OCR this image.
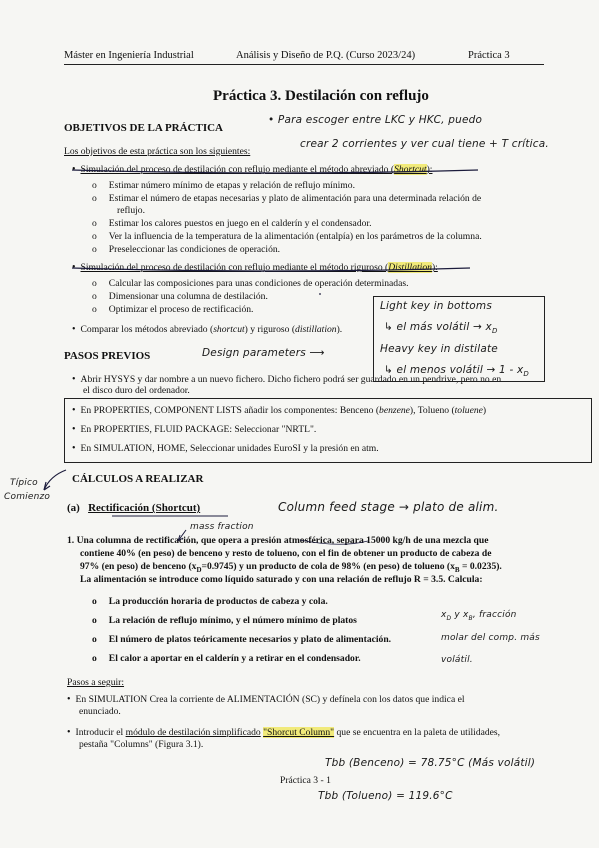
Máster en Ingeniería Industrial	Análisis y Diseño de P.Q. (Curso 2023/24)	Práctica 3
Práctica 3. Destilación con reflujo
OBJETIVOS DE LA PRÁCTICA
Los objetivos de esta práctica son los siguientes:
•  Simulación del proceso de destilación con reflujo mediante el método abreviado (Shortcut):
o     Estimar número mínimo de etapas y relación de reflujo mínimo.
o     Estimar el número de etapas necesarias y plato de alimentación para una determinada relación de
reflujo.
o     Estimar los calores puestos en juego en el calderín y el condensador.
o     Ver la influencia de la temperatura de la alimentación (entalpía) en los parámetros de la columna.
o     Preseleccionar las condiciones de operación.
•  Simulación del proceso de destilación con reflujo mediante el método riguroso (Distillation):
o     Calcular las composiciones para unas condiciones de operación determinadas.
o     Dimensionar una columna de destilación.
o     Optimizar el proceso de rectificación.
•  Comparar los métodos abreviado (shortcut) y riguroso (distillation).
PASOS PREVIOS
•  Abrir HYSYS y dar nombre a un nuevo fichero. Dicho fichero podrá ser guardado en un pendrive, pero no en
el disco duro del ordenador.
•  En PROPERTIES, COMPONENT LISTS añadir los componentes: Benceno (benzene), Tolueno (toluene)
•  En PROPERTIES, FLUID PACKAGE: Seleccionar "NRTL".
•  En SIMULATION, HOME, Seleccionar unidades EuroSI y la presión en atm.
CÁLCULOS A REALIZAR
(a) Rectificación (Shortcut)
1. Una columna de rectificación, que opera a presión atmosférica, separa 15000 kg/h de una mezcla que
contiene 40% (en peso) de benceno y resto de tolueno, con el fin de obtener un producto de cabeza de
97% (en peso) de benceno $(x_D=0.9745)$ y un producto de cola de 98% (en peso) de tolueno $(x_B = 0.0235)$.
La alimentación se introduce como líquido saturado y con una relación de reflujo R = 3.5. Calcula:
o     La producción horaria de productos de cabeza y cola.
o     La relación de reflujo mínimo, y el número mínimo de platos
o     El número de platos teóricamente necesarios y plato de alimentación.
o     El calor a aportar en el calderín y a retirar en el condensador.
Pasos a seguir:
•  En SIMULATION Crea la corriente de ALIMENTACIÓN (SC) y defínela con los datos que indica el
enunciado.
•  Introducir el módulo de destilación simplificado "Shorcut Column" que se encuentra en la paleta de utilidades,
pestaña "Columns" (Figura 3.1).
Práctica 3 - 1
• Para escoger entre LKC y HKC, puedo
crear 2 corrientes y ver cual tiene + T crítica.
Light key in bottoms
↳ el más volátil → $x_D$
Heavy key in distilate
↳ el menos volátil → $1 - x_D$
Design parameters ⟶
Típico
Comienzo
Column feed stage → plato de alim.
mass fraction
$x_D$ y $x_B$, fracción
molar del comp. más
volátil.
Tbb (Benceno) = 78.75°C (Más volátil)
Tbb (Tolueno) = 119.6°C
